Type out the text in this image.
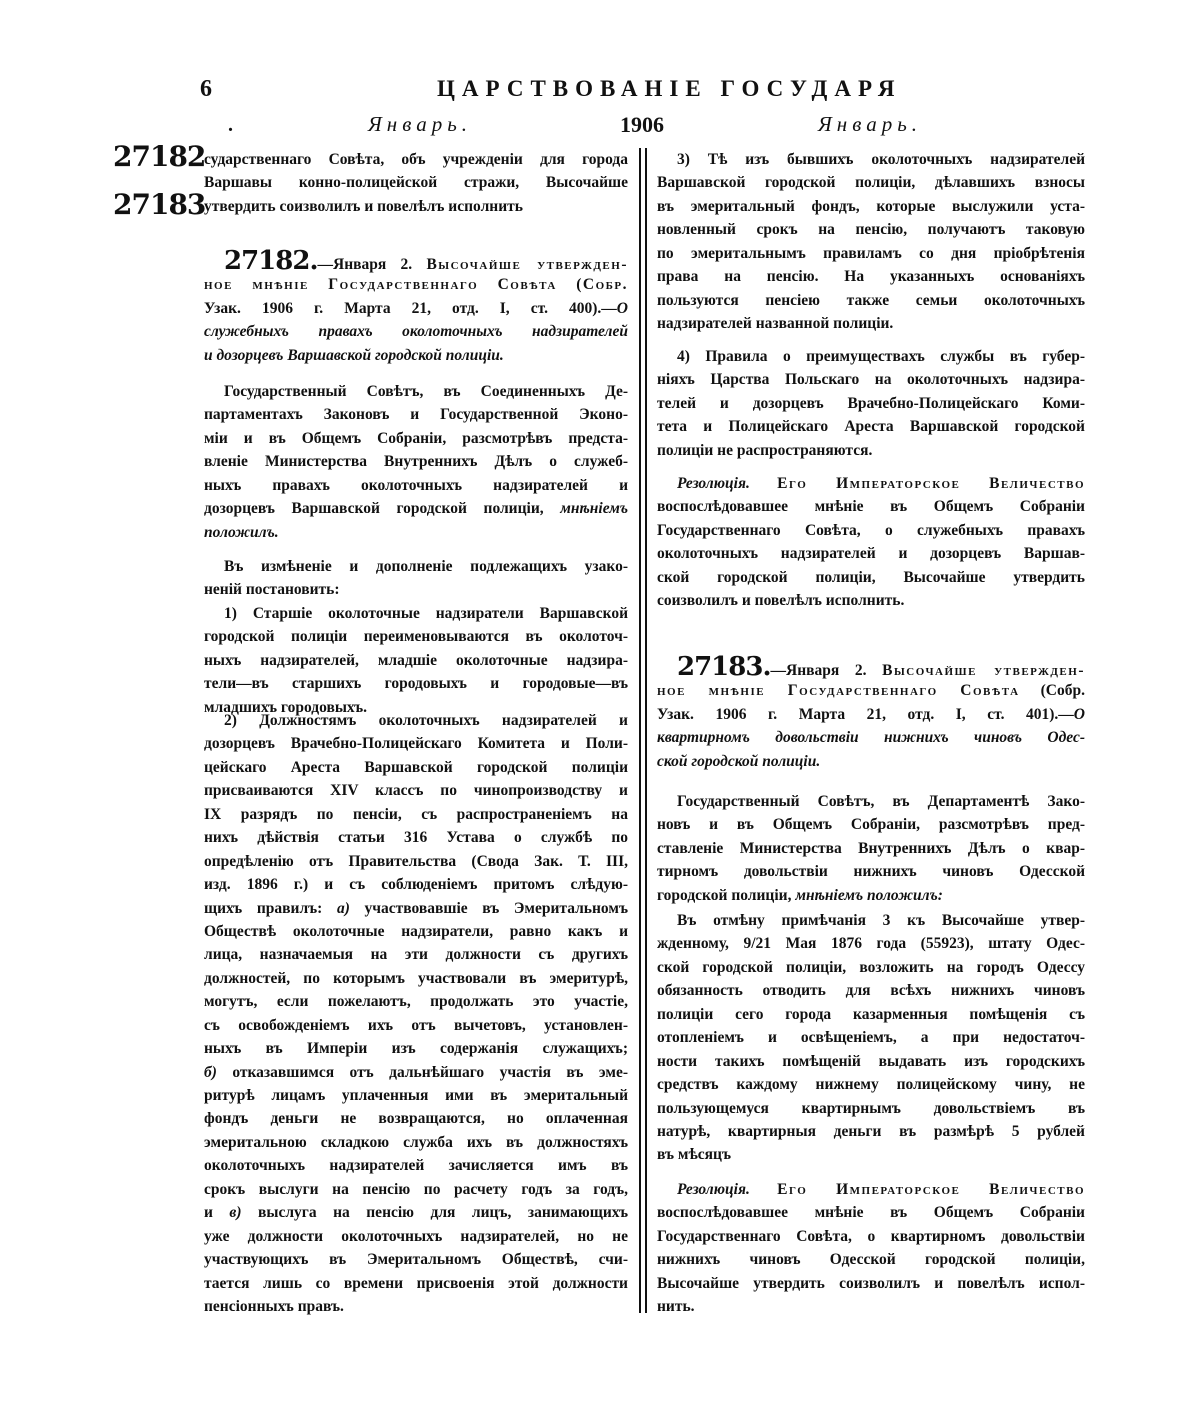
6	ЦАРСТВОВАНІЕ ГОСУДАРЯ
.	Январь.	1906	Январь.
27182
27183
сударственнаго Совѣта, объ учрежденіи для города
Варшавы конно-полицейской стражи, Высочайше
утвердить соизволилъ и повелѣлъ исполнить
27182.—Января 2. Высочайше утвержден-
ное мнѣніе Государственнаго Совѣта (Собр.
Узак. 1906 г. Марта 21, отд. I, ст. 400).—О
служебныхъ правахъ околоточныхъ надзирателей
и дозорцевъ Варшавской городской полиціи.
Государственный Совѣтъ, въ Соединенныхъ Де-
партаментахъ Законовъ и Государственной Эконо-
міи и въ Общемъ Собраніи, разсмотрѣвъ предста-
вленіе Министерства Внутреннихъ Дѣлъ о служеб-
ныхъ правахъ околоточныхъ надзирателей и
дозорцевъ Варшавской городской полиціи, мнѣніемъ
положилъ.
Въ измѣненіе и дополненіе подлежащихъ узако-
неній постановить:
1) Старшіе околоточные надзиратели Варшавской
городской полиціи переименовываются въ околоточ-
ныхъ надзирателей, младшіе околоточные надзира-
тели—въ старшихъ городовыхъ и городовые—въ
младшихъ городовыхъ.
2) Должностямъ околоточныхъ надзирателей и
дозорцевъ Врачебно-Полицейскаго Комитета и Поли-
цейскаго Ареста Варшавской городской полиціи
присваиваются XIV классъ по чинопроизводству и
IX разрядъ по пенсіи, съ распространеніемъ на
нихъ дѣйствія статьи 316 Устава о службѣ по
опредѣленію отъ Правительства (Свода Зак. Т. III,
изд. 1896 г.) и съ соблюденіемъ притомъ слѣдую-
щихъ правилъ: а) участвовавшіе въ Эмеритальномъ
Обществѣ околоточные надзиратели, равно какъ и
лица, назначаемыя на эти должности съ другихъ
должностей, по которымъ участвовали въ эмеритурѣ,
могутъ, если пожелаютъ, продолжать это участіе,
съ освобожденіемъ ихъ отъ вычетовъ, установлен-
ныхъ въ Имперіи изъ содержанія служащихъ;
б) отказавшимся отъ дальнѣйшаго участія въ эме-
ритурѣ лицамъ уплаченныя ими въ эмеритальный
фондъ деньги не возвращаются, но оплаченная
эмеритальною складкою служба ихъ въ должностяхъ
околоточныхъ надзирателей зачисляется имъ въ
срокъ выслуги на пенсію по расчету годъ за годъ,
и в) выслуга на пенсію для лицъ, занимающихъ
уже должности околоточныхъ надзирателей, но не
участвующихъ въ Эмеритальномъ Обществѣ, счи-
тается лишь со времени присвоенія этой должности
пенсіонныхъ правъ.
3) Тѣ изъ бывшихъ околоточныхъ надзирателей
Варшавской городской полиціи, дѣлавшихъ взносы
въ эмеритальный фондъ, которые выслужили уста-
новленный срокъ на пенсію, получаютъ таковую
по эмеритальнымъ правиламъ со дня пріобрѣтенія
права на пенсію. На указанныхъ основаніяхъ
пользуются пенсіею также семьи околоточныхъ
надзирателей названной полиціи.
4) Правила о преимуществахъ службы въ губер-
ніяхъ Царства Польскаго на околоточныхъ надзира-
телей и дозорцевъ Врачебно-Полицейскаго Коми-
тета и Полицейскаго Ареста Варшавской городской
полиціи не распространяются.
Резолюція. Его Императорское Величество
воспослѣдовавшее мнѣніе въ Общемъ Собраніи
Государственнаго Совѣта, о служебныхъ правахъ
околоточныхъ надзирателей и дозорцевъ Варшав-
ской городской полиціи, Высочайше утвердить
соизволилъ и повелѣлъ исполнить.
27183.—Января 2. Высочайше утвержден-
ное мнѣніе Государственнаго Совѣта (Собр.
Узак. 1906 г. Марта 21, отд. I, ст. 401).—О
квартирномъ довольствіи нижнихъ чиновъ Одес-
ской городской полиціи.
Государственный Совѣтъ, въ Департаментѣ Зако-
новъ и въ Общемъ Собраніи, разсмотрѣвъ пред-
ставленіе Министерства Внутреннихъ Дѣлъ о квар-
тирномъ довольствіи нижнихъ чиновъ Одесской
городской полиціи, мнѣніемъ положилъ:
Въ отмѣну примѣчанія 3 къ Высочайше утвер-
жденному, 9/21 Мая 1876 года (55923), штату Одес-
ской городской полиціи, возложить на городъ Одессу
обязанность отводить для всѣхъ нижнихъ чиновъ
полиціи сего города казарменныя помѣщенія съ
отопленіемъ и освѣщеніемъ, а при недостаточ-
ности такихъ помѣщеній выдавать изъ городскихъ
средствъ каждому нижнему полицейскому чину, не
пользующемуся квартирнымъ довольствіемъ въ
натурѣ, квартирныя деньги въ размѣрѣ 5 рублей
въ мѣсяцъ
Резолюція. Его Императорское Величество
воспослѣдовавшее мнѣніе въ Общемъ Собраніи
Государственнаго Совѣта, о квартирномъ довольствіи
нижнихъ чиновъ Одесской городской полиціи,
Высочайше утвердить соизволилъ и повелѣлъ испол-
нить.
